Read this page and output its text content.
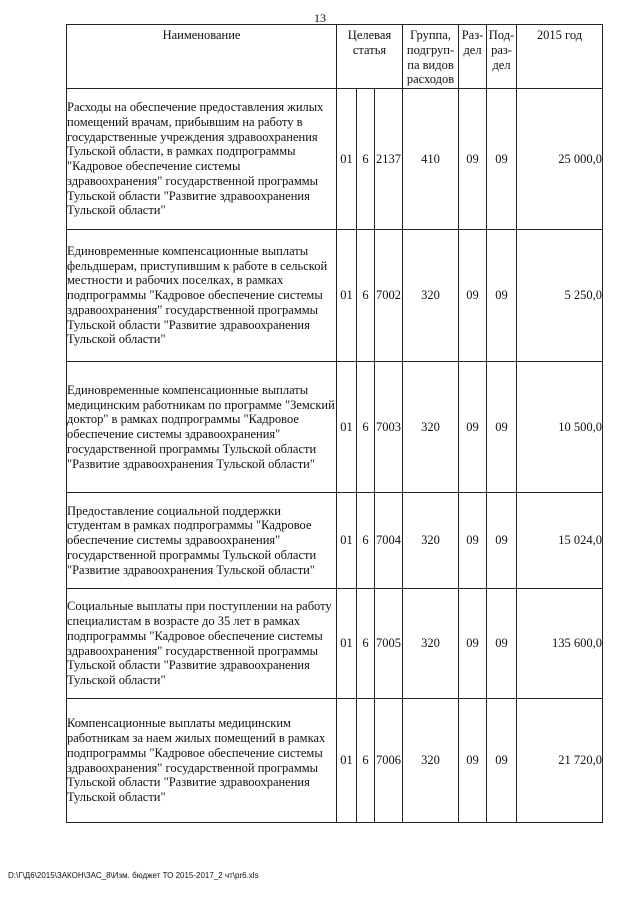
13
Наименование	Целевая статья			Группа, подгруп-па видов расходов	Раз-дел	Под-раз-дел	2015 год
Расходы на обеспечение предоставления жилых помещений врачам, прибывшим на работу в государственные учреждения здравоохранения Тульской области, в рамках подпрограммы "Кадровое обеспечение системы здравоохранения" государственной программы Тульской области "Развитие здравоохранения Тульской области"	01	6	2137	410	09	09	25 000,0
Единовременные компенсационные выплаты фельдшерам, приступившим к работе в сельской местности и рабочих поселках, в рамках подпрограммы "Кадровое обеспечение системы здравоохранения" государственной программы Тульской области "Развитие здравоохранения Тульской области"	01	6	7002	320	09	09	5 250,0
Единовременные компенсационные выплаты медицинским работникам по программе "Земский доктор" в рамках подпрограммы "Кадровое обеспечение системы здравоохранения" государственной программы Тульской области "Развитие здравоохранения Тульской области"	01	6	7003	320	09	09	10 500,0
Предоставление социальной поддержки студентам в рамках подпрограммы "Кадровое обеспечение системы здравоохранения" государственной программы Тульской области "Развитие здравоохранения Тульской области"	01	6	7004	320	09	09	15 024,0
Социальные выплаты при поступлении на работу специалистам в возрасте до 35 лет в рамках подпрограммы "Кадровое обеспечение системы здравоохранения" государственной программы Тульской области "Развитие здравоохранения Тульской области"	01	6	7005	320	09	09	135 600,0
Компенсационные выплаты медицинским работникам за наем жилых помещений в рамках подпрограммы "Кадровое обеспечение системы здравоохранения" государственной программы Тульской области "Развитие здравоохранения Тульской области"	01	6	7006	320	09	09	21 720,0
D:\Г\Д6\2015\ЗАКОН\ЗАС_8\Изм. бюджет ТО 2015-2017_2 чт\pr6.xls
